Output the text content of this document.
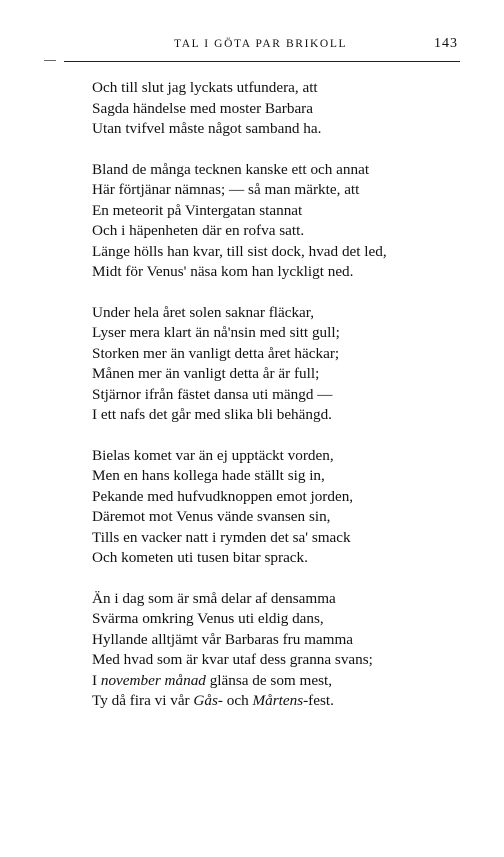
TAL I GÖTA PAR BRIKOLL	143
Och till slut jag lyckats utfundera, att
Sagda händelse med moster Barbara
Utan tvifvel måste något samband ha.
Bland de många tecknen kanske ett och annat
Här förtjänar nämnas; — så man märkte, att
En meteorit på Vintergatan stannat
Och i häpenheten där en rofva satt.
Länge hölls han kvar, till sist dock, hvad det led,
Midt för Venus' näsa kom han lyckligt ned.
Under hela året solen saknar fläckar,
Lyser mera klart än nå'nsin med sitt gull;
Storken mer än vanligt detta året häckar;
Månen mer än vanligt detta år är full;
Stjärnor ifrån fästet dansa uti mängd —
I ett nafs det går med slika bli behängd.
Bielas komet var än ej upptäckt vorden,
Men en hans kollega hade ställt sig in,
Pekande med hufvudknoppen emot jorden,
Däremot mot Venus vände svansen sin,
Tills en vacker natt i rymden det sa' smack
Och kometen uti tusen bitar sprack.
Än i dag som är små delar af densamma
Svärma omkring Venus uti eldig dans,
Hyllande alltjämt vår Barbaras fru mamma
Med hvad som är kvar utaf dess granna svans;
I november månad glänsa de som mest,
Ty då fira vi vår Gås- och Mårtens-fest.
